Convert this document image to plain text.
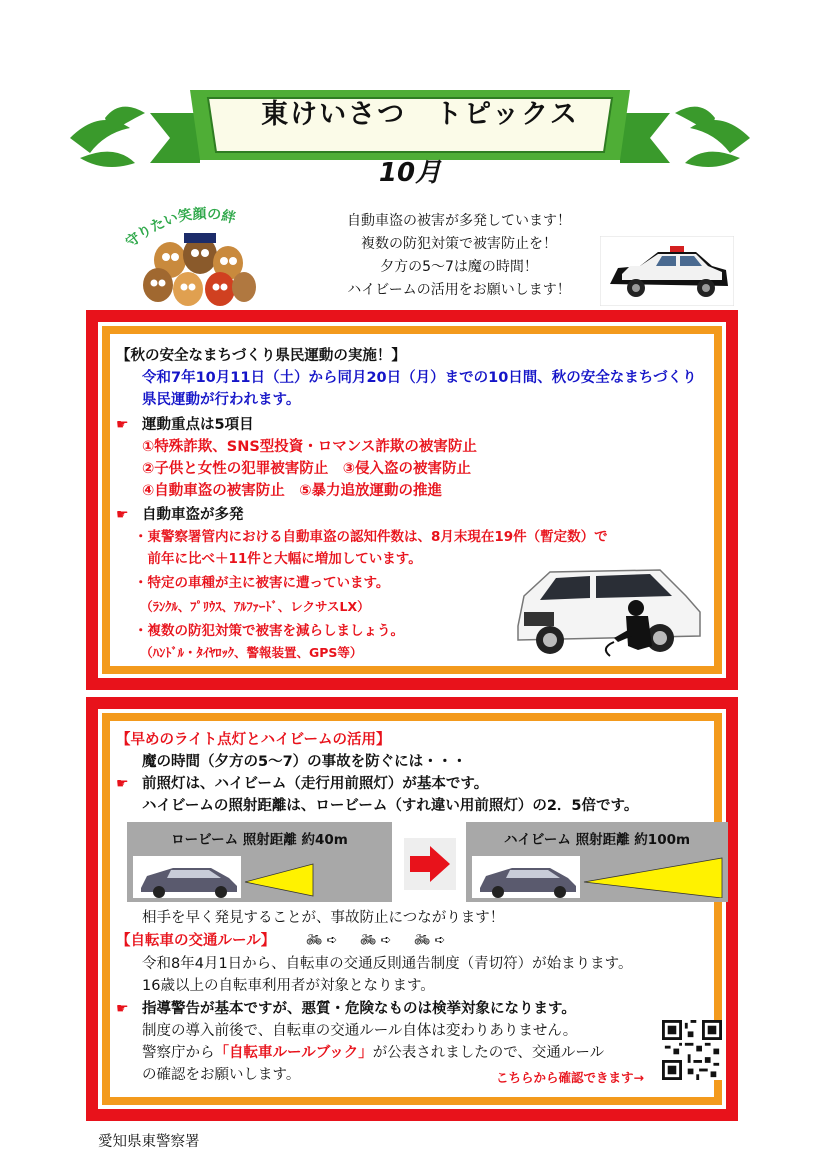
東けいさつ　トピックス
10月
守りたい笑顔の絆	自動車盗の被害が多発しています！
複数の防犯対策で被害防止を！
夕方の5～7は魔の時間！
ハイビームの活用をお願いします！
【秋の安全なまちづくり県民運動の実施！】
令和7年10月11日（土）から同月20日（月）までの10日間、秋の安全なまちづくり
県民運動が行われます。
☛ 運動重点は5項目
①特殊詐欺、SNS型投資・ロマンス詐欺の被害防止
②子供と女性の犯罪被害防止　③侵入盗の被害防止
④自動車盗の被害防止　⑤暴力追放運動の推進
☛ 自動車盗が多発
・東警察署管内における自動車盗の認知件数は、8月末現在19件（暫定数）で
　前年に比べ＋11件と大幅に増加しています。
・特定の車種が主に被害に遭っています。
　（ﾗﾝｸﾙ、ﾌﾟﾘｳｽ、ｱﾙﾌｧｰﾄﾞ、レクサスLX）
・複数の防犯対策で被害を減らしましょう。
　（ﾊﾝﾄﾞﾙ・ﾀｲﾔﾛｯｸ、警報装置、GPS等）
【早めのライト点灯とハイビームの活用】
魔の時間（夕方の5～7）の事故を防ぐには・・・
☛ 前照灯は、ハイビーム（走行用前照灯）が基本です。
ハイビームの照射距離は、ロービーム（すれ違い用前照灯）の2．5倍です。
ロービーム 照射距離 約40m	ハイビーム 照射距離 約100m
相手を早く発見することが、事故防止につながります！
【自転車の交通ルール】 🚲︎ ➪ 🚲︎ ➪ 🚲︎ ➪
令和8年4月1日から、自転車の交通反則通告制度（青切符）が始まります。
16歳以上の自転車利用者が対象となります。
☛ 指導警告が基本ですが、悪質・危険なものは検挙対象になります。
制度の導入前後で、自転車の交通ルール自体は変わりありません。
警察庁から「自転車ルールブック」が公表されましたので、交通ルール
の確認をお願いします。	こちらから確認できます→
愛知県東警察署
